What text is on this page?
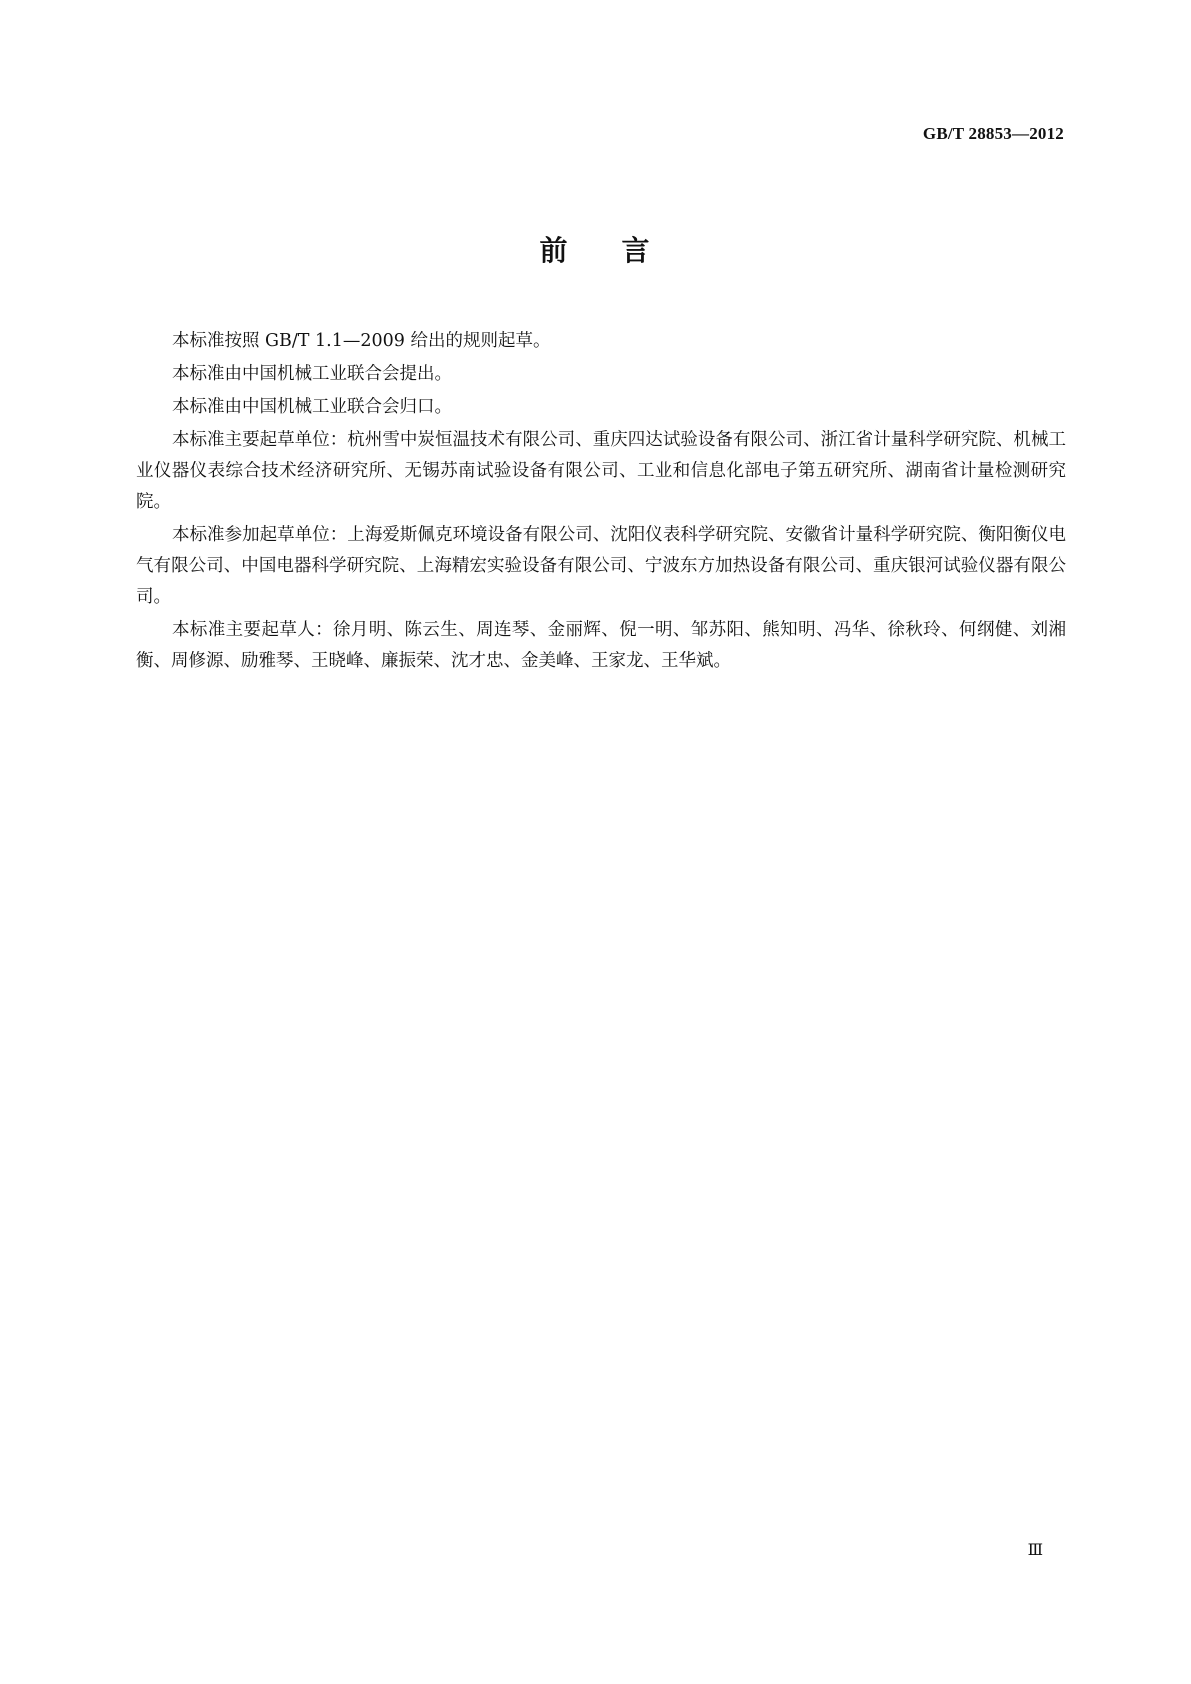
GB/T 28853—2012
前 言

本标准按照 GB/T 1.1—2009 给出的规则起草。

本标准由中国机械工业联合会提出。

本标准由中国机械工业联合会归口。

本标准主要起草单位：杭州雪中炭恒温技术有限公司、重庆四达试验设备有限公司、浙江省计量科学研究院、机械工业仪器仪表综合技术经济研究所、无锡苏南试验设备有限公司、工业和信息化部电子第五研究所、湖南省计量检测研究院。

本标准参加起草单位：上海爱斯佩克环境设备有限公司、沈阳仪表科学研究院、安徽省计量科学研究院、衡阳衡仪电气有限公司、中国电器科学研究院、上海精宏实验设备有限公司、宁波东方加热设备有限公司、重庆银河试验仪器有限公司。

本标准主要起草人：徐月明、陈云生、周连琴、金丽辉、倪一明、邹苏阳、熊知明、冯华、徐秋玲、何纲健、刘湘衡、周修源、励雅琴、王晓峰、廉振荣、沈才忠、金美峰、王家龙、王华斌。

Ⅲ
